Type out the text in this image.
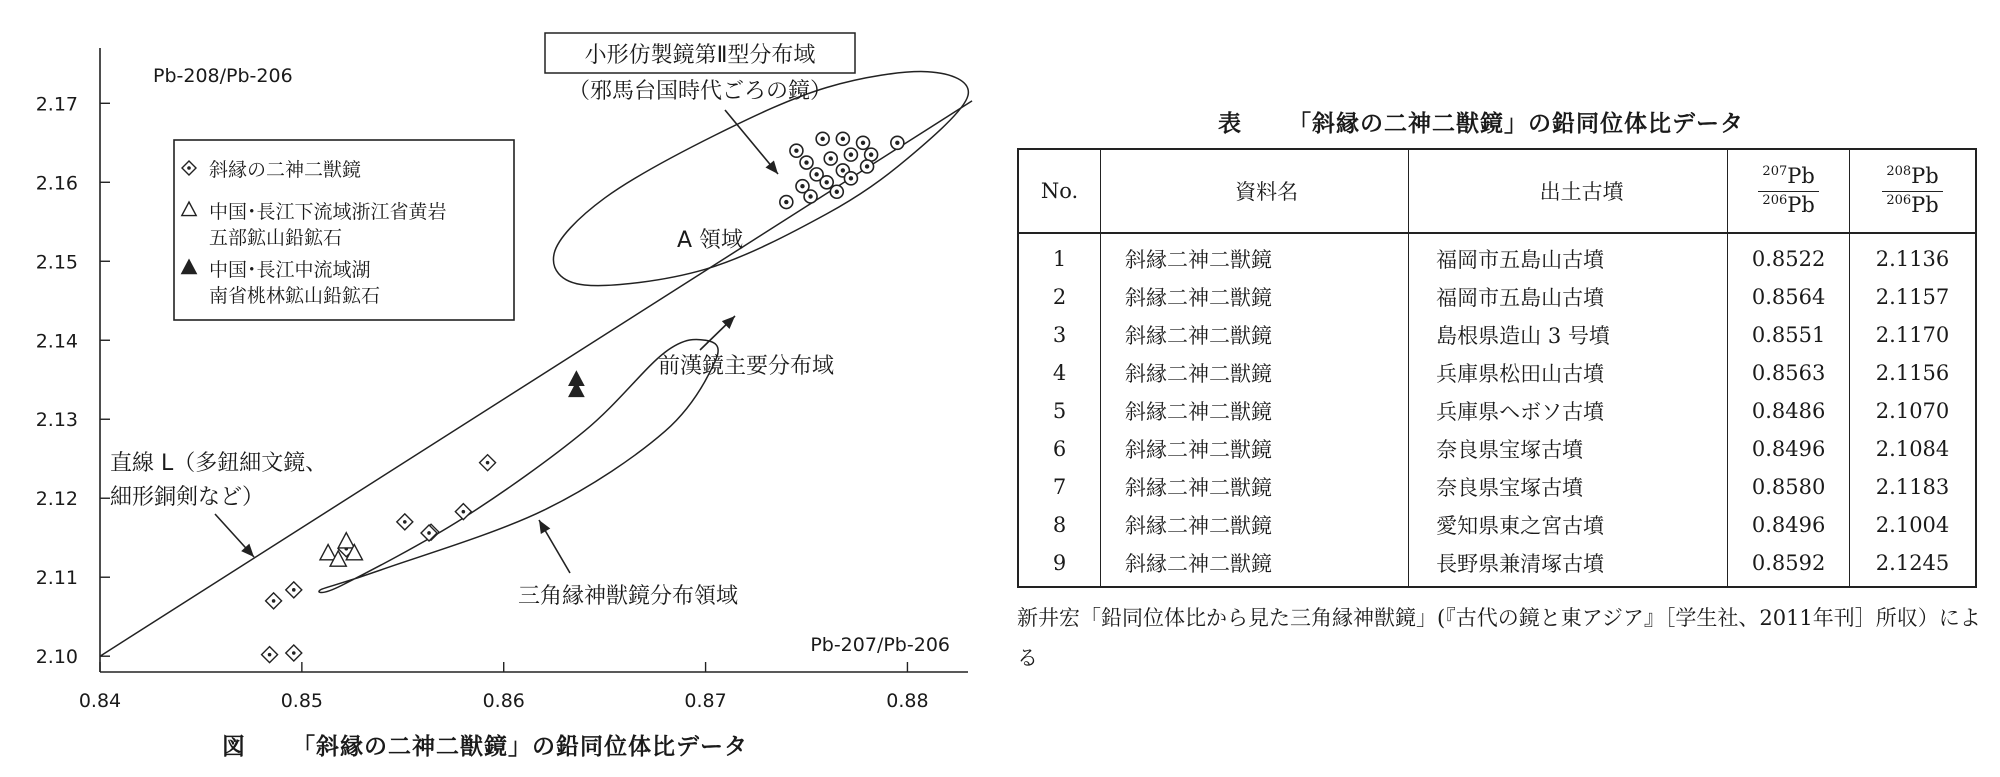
0.84	0.85	0.86	0.87	0.88
2.10
2.11
2.12
2.13
2.14
2.15
2.16
2.17
Pb-208/Pb-206
Pb-207/Pb-206
斜縁の二神二獣鏡
中国･長江下流域浙江省黄岩
五部鉱山鉛鉱石
中国･長江中流域湖
南省桃林鉱山鉛鉱石
小形仿製鏡第Ⅱ型分布域
（邪馬台国時代ごろの鏡）
A 領域
前漢鏡主要分布域
直線 L（多鈕細文鏡、
細形銅剣など）
三角縁神獣鏡分布領域
図 「斜縁の二神二獣鏡」の鉛同位体比データ
表 「斜縁の二神二獣鏡」の鉛同位体比データ
No.	資料名	出土古墳	$\frac{^{207}Pb}{^{206}Pb}$	$\frac{^{208}Pb}{^{206}Pb}$

1	斜縁二神二獣鏡	福岡市五島山古墳	0.8522	2.1136
2	斜縁二神二獣鏡	福岡市五島山古墳	0.8564	2.1157
3	斜縁二神二獣鏡	島根県造山 3 号墳	0.8551	2.1170
4	斜縁二神二獣鏡	兵庫県松田山古墳	0.8563	2.1156
5	斜縁二神二獣鏡	兵庫県ヘボソ古墳	0.8486	2.1070
6	斜縁二神二獣鏡	奈良県宝塚古墳	0.8496	2.1084
7	斜縁二神二獣鏡	奈良県宝塚古墳	0.8580	2.1183
8	斜縁二神二獣鏡	愛知県東之宮古墳	0.8496	2.1004
9	斜縁二神二獣鏡	長野県兼清塚古墳	0.8592	2.1245
新井宏「鉛同位体比から見た三角縁神獣鏡」(『古代の鏡と東アジア』［学生社、2011年刊］所収）による
